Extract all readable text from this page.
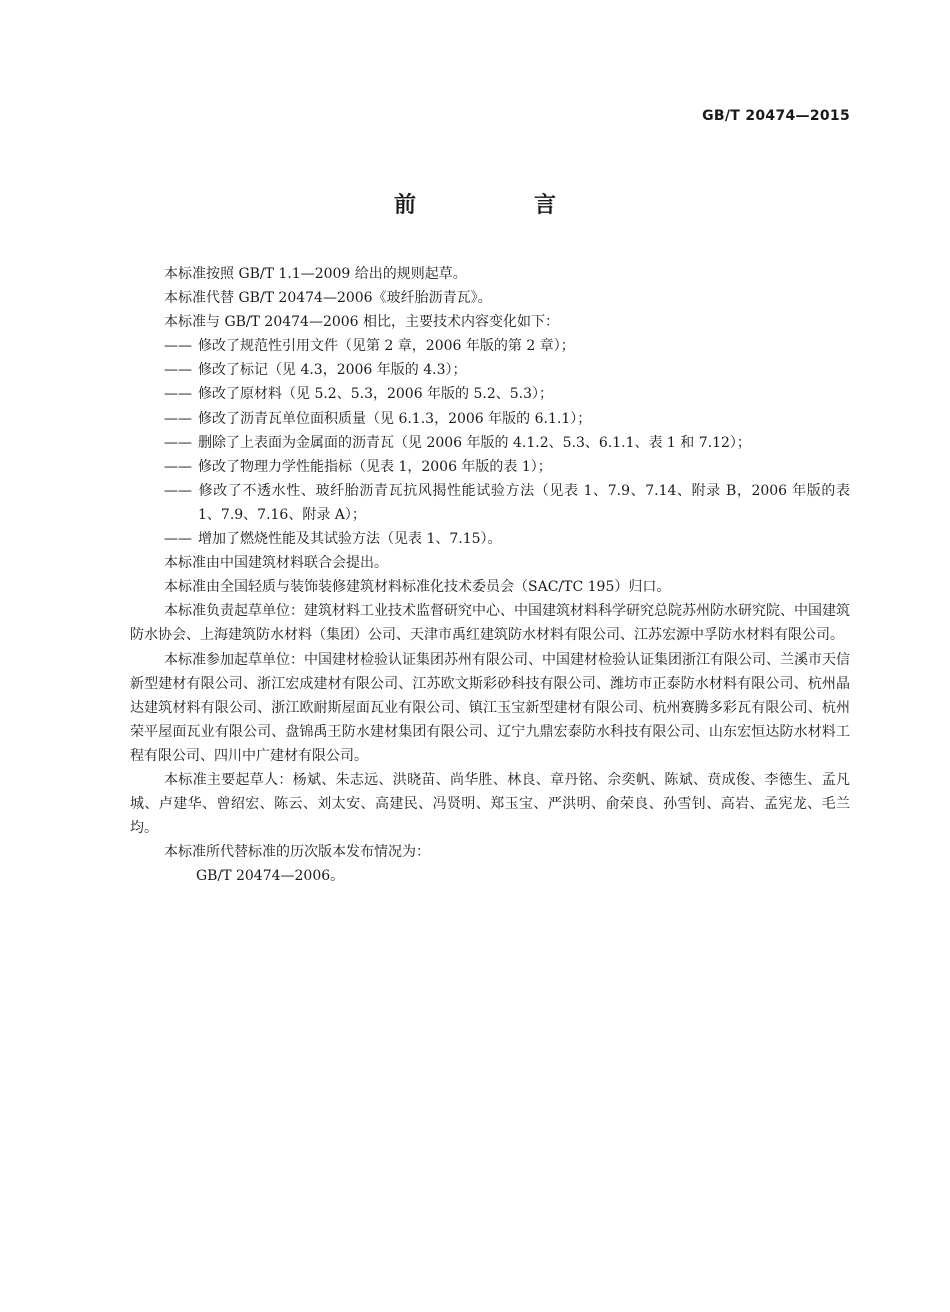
GB/T 20474—2015
前　言

本标准按照 GB/T 1.1—2009 给出的规则起草。

本标准代替 GB/T 20474—2006《玻纤胎沥青瓦》。

本标准与 GB/T 20474—2006 相比，主要技术内容变化如下：

—— 修改了规范性引用文件（见第 2 章，2006 年版的第 2 章）；

—— 修改了标记（见 4.3，2006 年版的 4.3）；

—— 修改了原材料（见 5.2、5.3，2006 年版的 5.2、5.3）；

—— 修改了沥青瓦单位面积质量（见 6.1.3，2006 年版的 6.1.1）；

—— 删除了上表面为金属面的沥青瓦（见 2006 年版的 4.1.2、5.3、6.1.1、表 1 和 7.12）；

—— 修改了物理力学性能指标（见表 1，2006 年版的表 1）；

—— 修改了不透水性、玻纤胎沥青瓦抗风揭性能试验方法（见表 1、7.9、7.14、附录 B，2006 年版的表 1、7.9、7.16、附录 A）；

—— 增加了燃烧性能及其试验方法（见表 1、7.15）。

本标准由中国建筑材料联合会提出。

本标准由全国轻质与装饰装修建筑材料标准化技术委员会（SAC/TC 195）归口。

本标准负责起草单位：建筑材料工业技术监督研究中心、中国建筑材料科学研究总院苏州防水研究院、中国建筑防水协会、上海建筑防水材料（集团）公司、天津市禹红建筑防水材料有限公司、江苏宏源中孚防水材料有限公司。

本标准参加起草单位：中国建材检验认证集团苏州有限公司、中国建材检验认证集团浙江有限公司、兰溪市天信新型建材有限公司、浙江宏成建材有限公司、江苏欧文斯彩砂科技有限公司、潍坊市正泰防水材料有限公司、杭州晶达建筑材料有限公司、浙江欧耐斯屋面瓦业有限公司、镇江玉宝新型建材有限公司、杭州赛腾多彩瓦有限公司、杭州荣平屋面瓦业有限公司、盘锦禹王防水建材集团有限公司、辽宁九鼎宏泰防水科技有限公司、山东宏恒达防水材料工程有限公司、四川中广建材有限公司。

本标准主要起草人：杨斌、朱志远、洪晓苗、尚华胜、林良、章丹铭、佘奕帆、陈斌、贲成俊、李德生、孟凡城、卢建华、曾绍宏、陈云、刘太安、高建民、冯贤明、郑玉宝、严洪明、俞荣良、孙雪钊、高岩、孟宪龙、毛兰均。

本标准所代替标准的历次版本发布情况为：

GB/T 20474—2006。
